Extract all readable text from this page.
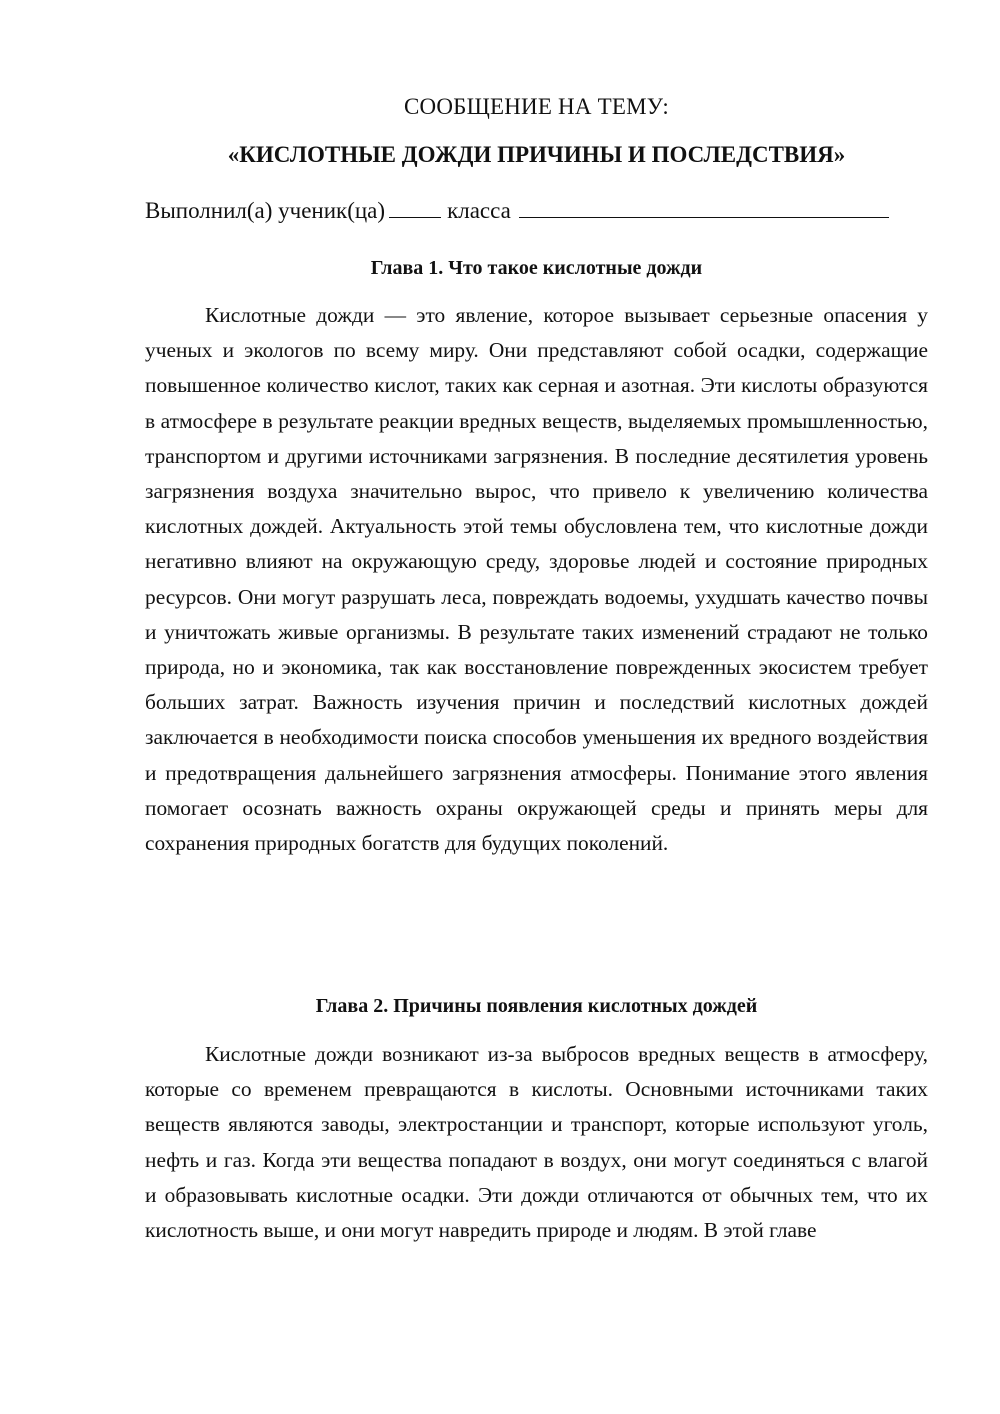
СООБЩЕНИЕ НА ТЕМУ:
«КИСЛОТНЫЕ ДОЖДИ ПРИЧИНЫ И ПОСЛЕДСТВИЯ»
Выполнил(а) ученик(ца)	класса
Глава 1. Что такое кислотные дожди

Кислотные дожди — это явление, которое вызывает серьезные опасения у ученых и экологов по всему миру. Они представляют собой осадки, содержащие повышенное количество кислот, таких как серная и азотная. Эти кислоты образуются в атмосфере в результате реакции вредных веществ, выделяемых промышленностью, транспортом и другими источниками загрязнения. В последние десятилетия уровень загрязнения воздуха значительно вырос, что привело к увеличению количества кислотных дождей. Актуальность этой темы обусловлена тем, что кислотные дожди негативно влияют на окружающую среду, здоровье людей и состояние природных ресурсов. Они могут разрушать леса, повреждать водоемы, ухудшать качество почвы и уничтожать живые организмы. В результате таких изменений страдают не только природа, но и экономика, так как восстановление поврежденных экосистем требует больших затрат. Важность изучения причин и последствий кислотных дождей заключается в необходимости поиска способов уменьшения их вредного воздействия и предотвращения дальнейшего загрязнения атмосферы. Понимание этого явления помогает осознать важность охраны окружающей среды и принять меры для сохранения природных богатств для будущих поколений.

Глава 2. Причины появления кислотных дождей

Кислотные дожди возникают из-за выбросов вредных веществ в атмосферу, которые со временем превращаются в кислоты. Основными источниками таких веществ являются заводы, электростанции и транспорт, которые используют уголь, нефть и газ. Когда эти вещества попадают в воздух, они могут соединяться с влагой и образовывать кислотные осадки. Эти дожди отличаются от обычных тем, что их кислотность выше, и они могут навредить природе и людям. В этой главе
